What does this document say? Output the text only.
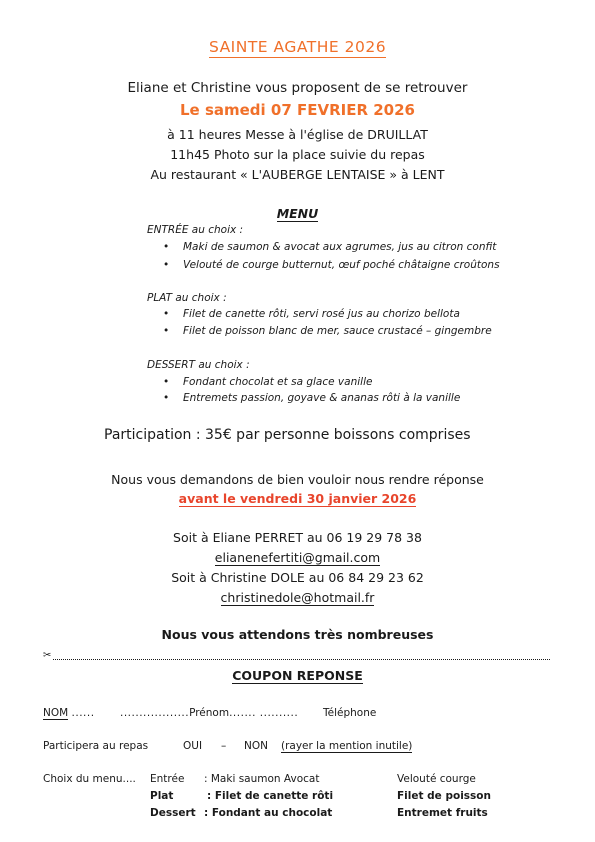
SAINTE AGATHE 2026
Eliane et Christine vous proposent de se retrouver
Le samedi 07 FEVRIER 2026
à 11 heures Messe à l'église de DRUILLAT
11h45 Photo sur la place suivie du repas
Au restaurant « L'AUBERGE LENTAISE » à LENT
MENU
ENTRÉE au choix :
• Maki de saumon & avocat aux agrumes, jus au citron confit
• Velouté de courge butternut, œuf poché châtaigne croûtons
PLAT au choix :
• Filet de canette rôti, servi rosé jus au chorizo bellota
• Filet de poisson blanc de mer, sauce crustacé – gingembre
DESSERT au choix :
• Fondant chocolat et sa glace vanille
• Entremets passion, goyave & ananas rôti à la vanille
Participation : 35€ par personne boissons comprises
Nous vous demandons de bien vouloir nous rendre réponse
avant le vendredi 30 janvier 2026
Soit à Eliane PERRET au 06 19 29 78 38
elianenefertiti@gmail.com
Soit à Christine DOLE au 06 84 29 23 62
christinedole@hotmail.fr
Nous vous attendons très nombreuses
✂
COUPON REPONSE
NOM ...... ..................Prénom....... .......... Téléphone
Participera au repas	OUI – NON (rayer la mention inutile)
Choix du menu.... Entrée : Maki saumon Avocat	Velouté courge
Plat	: Filet de canette rôti	Filet de poisson
Dessert : Fondant au chocolat	Entremet fruits
